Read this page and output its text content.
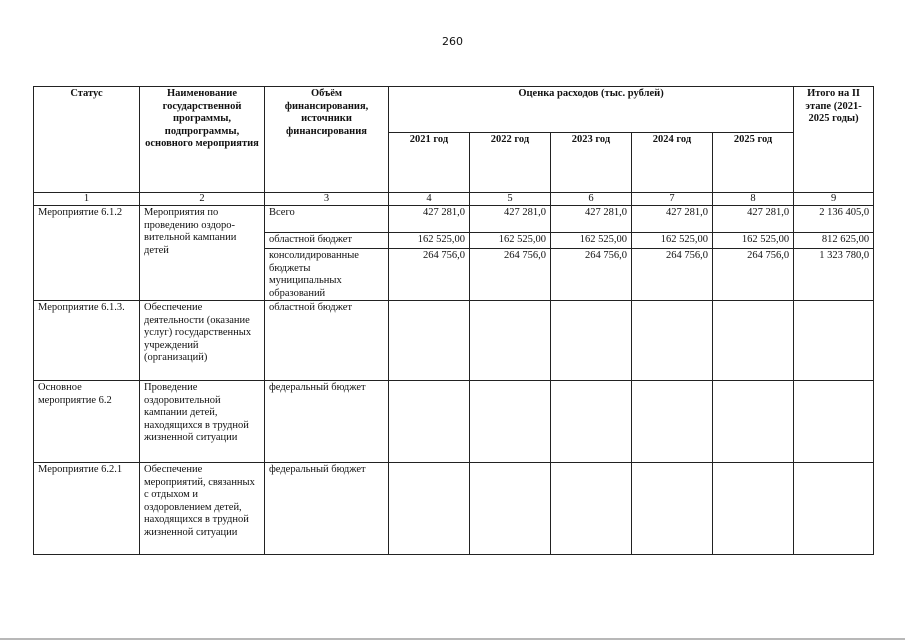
260
Статус	Наименование государственной программы, подпрограммы, основного мероприятия	Объём финансирования, источники финансирования	Оценка расходов (тыс. рублей)					Итого на II этапе (2021-2025 годы)
			2021 год	2022 год	2023 год	2024 год	2025 год	
1	2	3	4	5	6	7	8	9
Мероприятие 6.1.2	Мероприятия по проведению оздоро-вительной кампании детей	Всего	427 281,0	427 281,0	427 281,0	427 281,0	427 281,0	2 136 405,0
		областной бюджет	162 525,00	162 525,00	162 525,00	162 525,00	162 525,00	812 625,00
		консолидированные бюджеты муниципальных образований	264 756,0	264 756,0	264 756,0	264 756,0	264 756,0	1 323 780,0
Мероприятие 6.1.3.	Обеспечение деятельности (оказание услуг) государственных учреждений (организаций)	областной бюджет						
Основное мероприятие 6.2	Проведение оздоровительной кампании детей, находящихся в трудной жизненной ситуации	федеральный бюджет						
Мероприятие 6.2.1	Обеспечение мероприятий, связанных с отдыхом и оздоровлением детей, находящихся в трудной жизненной ситуации	федеральный бюджет						
